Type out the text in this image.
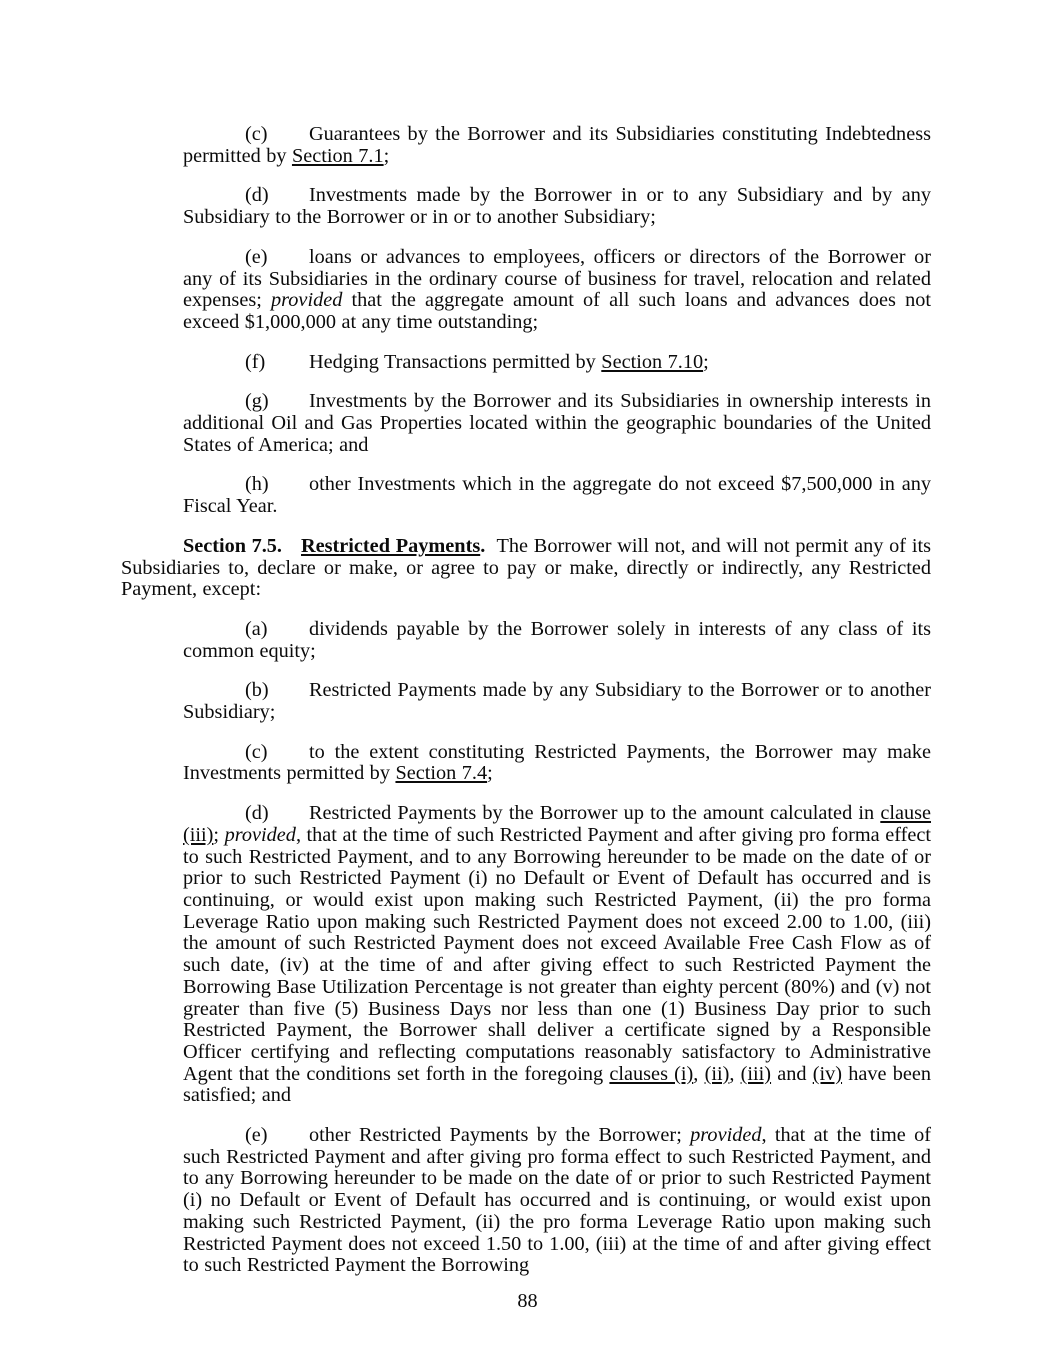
(c) Guarantees by the Borrower and its Subsidiaries constituting Indebtedness permitted by Section 7.1;
(d) Investments made by the Borrower in or to any Subsidiary and by any Subsidiary to the Borrower or in or to another Subsidiary;
(e) loans or advances to employees, officers or directors of the Borrower or any of its Subsidiaries in the ordinary course of business for travel, relocation and related expenses; provided that the aggregate amount of all such loans and advances does not exceed $1,000,000 at any time outstanding;
(f) Hedging Transactions permitted by Section 7.10;
(g) Investments by the Borrower and its Subsidiaries in ownership interests in additional Oil and Gas Properties located within the geographic boundaries of the United States of America; and
(h) other Investments which in the aggregate do not exceed $7,500,000 in any Fiscal Year.
Section 7.5. Restricted Payments.  The Borrower will not, and will not permit any of its Subsidiaries to, declare or make, or agree to pay or make, directly or indirectly, any Restricted Payment, except:
(a) dividends payable by the Borrower solely in interests of any class of its common equity;
(b) Restricted Payments made by any Subsidiary to the Borrower or to another Subsidiary;
(c) to the extent constituting Restricted Payments, the Borrower may make Investments permitted by Section 7.4;
(d) Restricted Payments by the Borrower up to the amount calculated in clause (iii); provided, that at the time of such Restricted Payment and after giving pro forma effect to such Restricted Payment, and to any Borrowing hereunder to be made on the date of or prior to such Restricted Payment (i) no Default or Event of Default has occurred and is continuing, or would exist upon making such Restricted Payment, (ii) the pro forma Leverage Ratio upon making such Restricted Payment does not exceed 2.00 to 1.00, (iii) the amount of such Restricted Payment does not exceed Available Free Cash Flow as of such date, (iv) at the time of and after giving effect to such Restricted Payment the Borrowing Base Utilization Percentage is not greater than eighty percent (80%) and (v) not greater than five (5) Business Days nor less than one (1) Business Day prior to such Restricted Payment, the Borrower shall deliver a certificate signed by a Responsible Officer certifying and reflecting computations reasonably satisfactory to Administrative Agent that the conditions set forth in the foregoing clauses (i), (ii), (iii) and (iv) have been satisfied; and
(e) other Restricted Payments by the Borrower; provided, that at the time of such Restricted Payment and after giving pro forma effect to such Restricted Payment, and to any Borrowing hereunder to be made on the date of or prior to such Restricted Payment (i) no Default or Event of Default has occurred and is continuing, or would exist upon making such Restricted Payment, (ii) the pro forma Leverage Ratio upon making such Restricted Payment does not exceed 1.50 to 1.00, (iii) at the time of and after giving effect to such Restricted Payment the Borrowing
88
